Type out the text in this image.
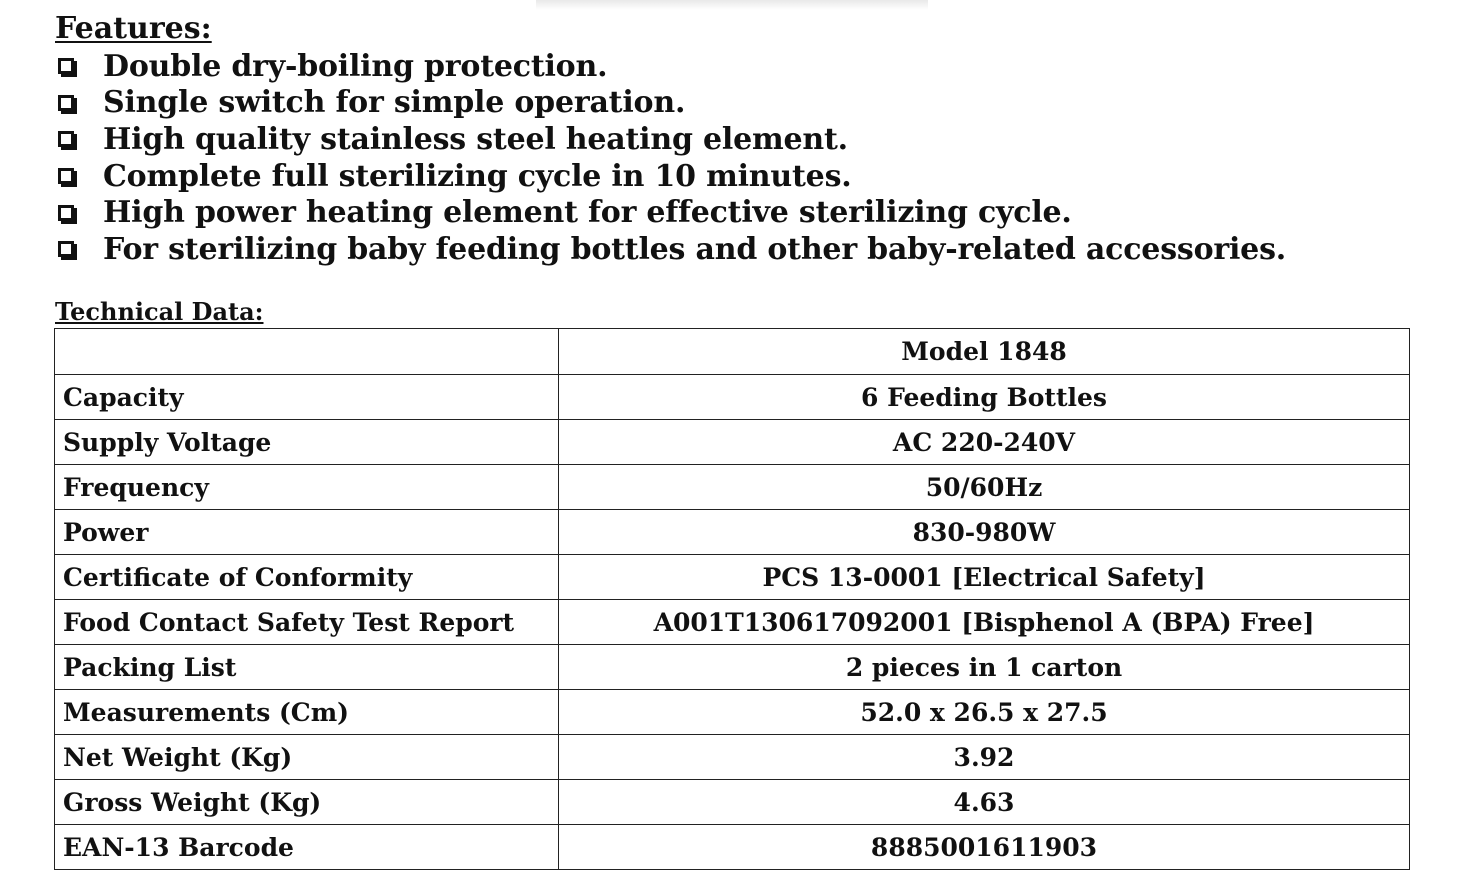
Features:
Double dry-boiling protection.
Single switch for simple operation.
High quality stainless steel heating element.
Complete full sterilizing cycle in 10 minutes.
High power heating element for effective sterilizing cycle.
For sterilizing baby feeding bottles and other baby-related accessories.
Technical Data:
	Model 1848
Capacity	6 Feeding Bottles
Supply Voltage	AC 220-240V
Frequency	50/60Hz
Power	830-980W
Certificate of Conformity	PCS 13-0001 [Electrical Safety]
Food Contact Safety Test Report	A001T130617092001 [Bisphenol A (BPA) Free]
Packing List	2 pieces in 1 carton
Measurements (Cm)	52.0 x 26.5 x 27.5
Net Weight (Kg)	3.92
Gross Weight (Kg)	4.63
EAN-13 Barcode	8885001611903
